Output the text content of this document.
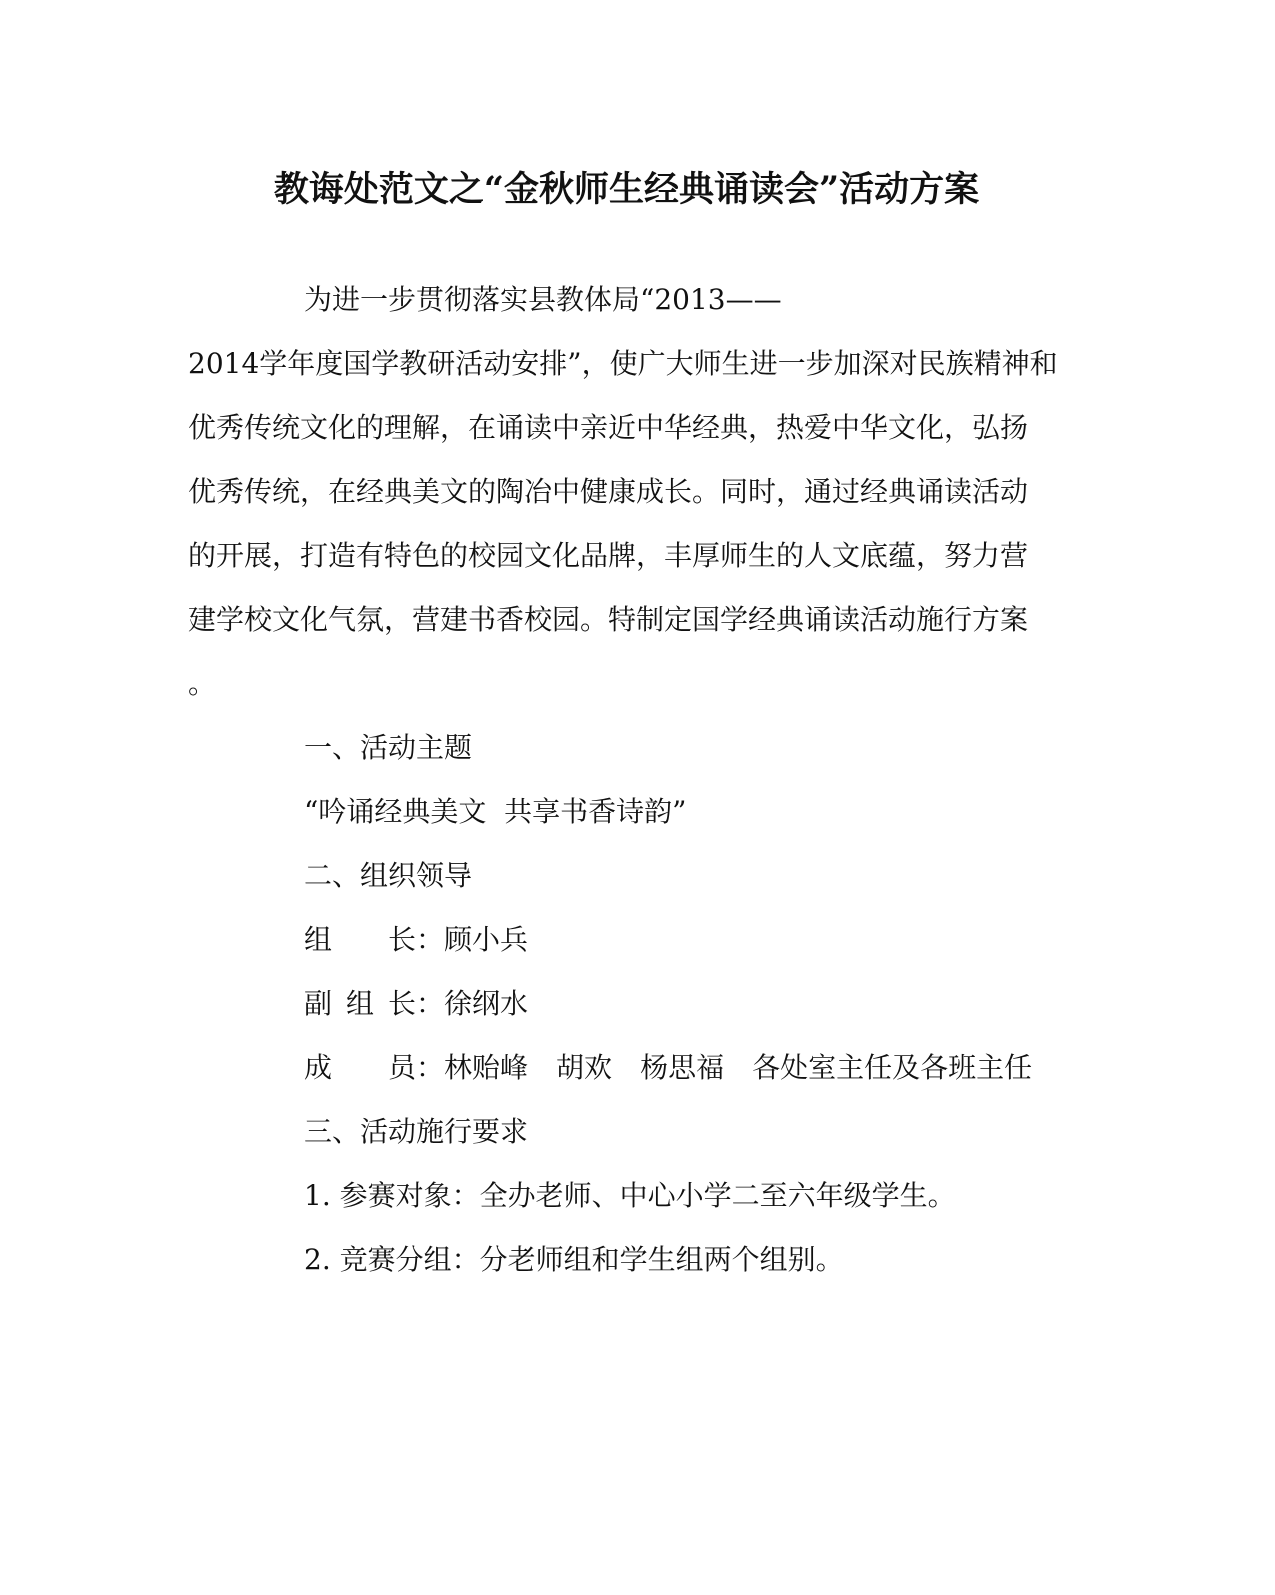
教诲处范文之“金秋师生经典诵读会”活动方案
为进一步贯彻落实县教体局“2013——
2014学年度国学教研活动安排”，使广大师生进一步加深对民族精神和
优秀传统文化的理解，在诵读中亲近中华经典，热爱中华文化，弘扬
优秀传统，在经典美文的陶冶中健康成长。同时，通过经典诵读活动
的开展，打造有特色的校园文化品牌，丰厚师生的人文底蕴，努力营
建学校文化气氛，营建书香校园。特制定国学经典诵读活动施行方案
。
一、活动主题
“吟诵经典美文  共享书香诗韵”
二、组织领导
组 长：顾小兵
副 组 长：徐纲水
成 员：林贻峰 胡欢 杨思福 各处室主任及各班主任
三、活动施行要求
1. 参赛对象：全办老师、中心小学二至六年级学生。
2. 竞赛分组：分老师组和学生组两个组别。
